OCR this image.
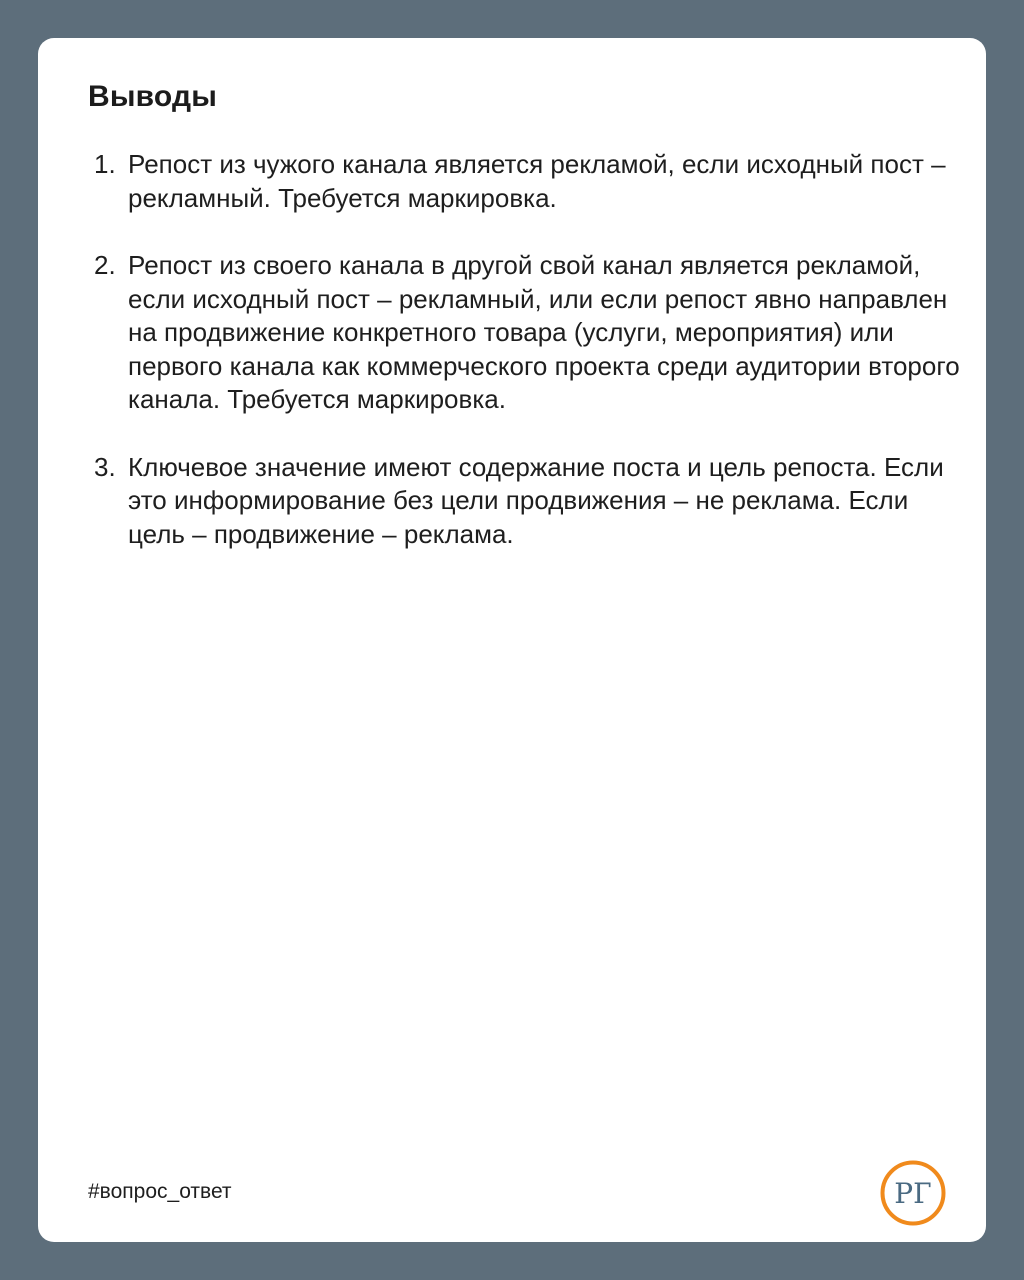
Выводы
1. Репост из чужого канала является рекламой, если исходный пост – рекламный. Требуется маркировка.
2. Репост из своего канала в другой свой канал является рекламой, если исходный пост – рекламный, или если репост явно направлен на продвижение конкретного товара (услуги, мероприятия) или первого канала как коммерческого проекта среди аудитории второго канала. Требуется маркировка.
3. Ключевое значение имеют содержание поста и цель репоста. Если это информирование без цели продвижения – не реклама. Если цель – продвижение – реклама.
#вопрос_ответ	РГ
